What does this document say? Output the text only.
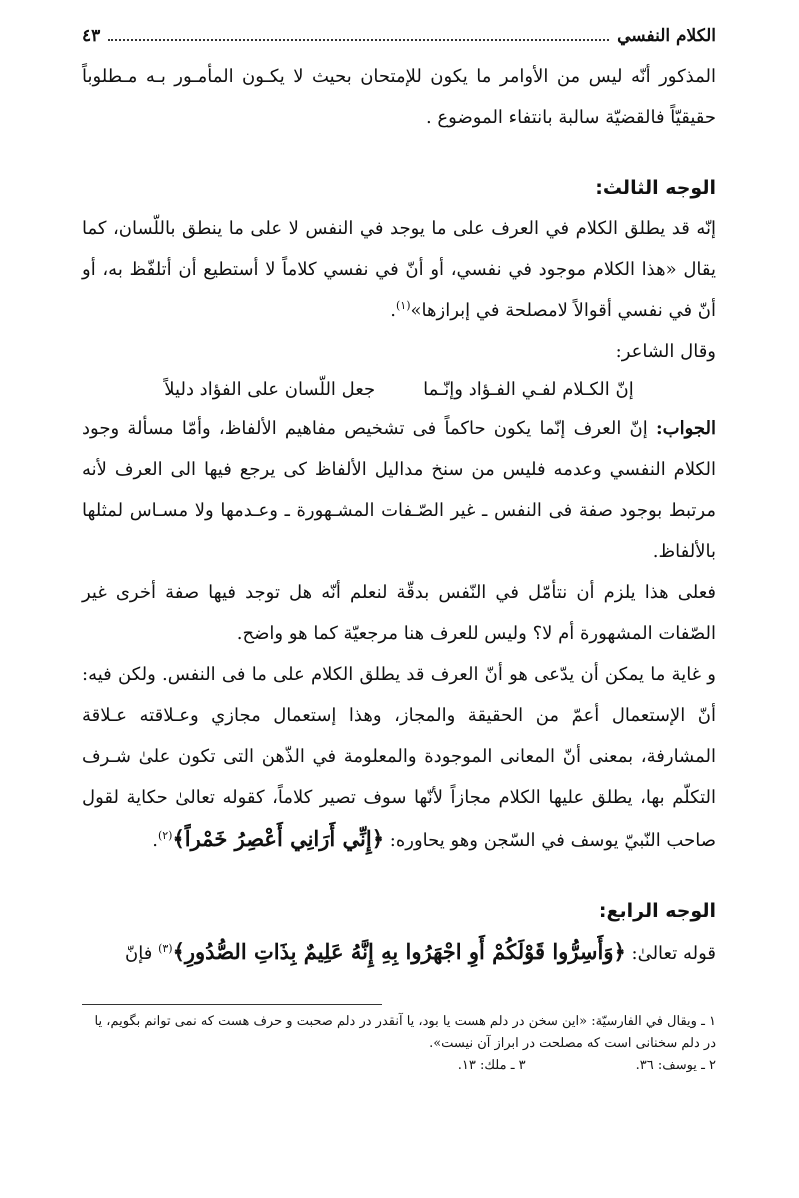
الكلام النفسي
٤٣

المذكور أنّه ليس من الأوامر ما يكون للإمتحان بحيث لا يكـون المأمـور بـه مـطلوباً حقيقيّاً فالقضيّة سالبة بانتفاء الموضوع .

الوجه الثالث:

إنّه قد يطلق الكلام في العرف على ما يوجد في النفس لا على ما ينطق باللّسان، كما يقال «هذا الكلام موجود في نفسي، أو أنّ في نفسي كلاماً لا أستطيع أن أتلفّظ به، أو أنّ في نفسي أقوالاً لامصلحة في إبرازها»$^{(١)}$.

وقال الشاعر:

إنّ الكـلام لفـي الفـؤاد وإنّـماجعل اللّسان على الفؤاد دليلاً

الجواب: إنّ العرف إنّما يكون حاكماً فى تشخيص مفاهيم الألفاظ، وأمّا مسألة وجود الكلام النفسي وعدمه فليس من سنخ مداليل الألفاظ كى يرجع فيها الى العرف لأنه مرتبط بوجود صفة فى النفس ـ غير الصّـفات المشـهورة ـ وعـدمها ولا مسـاس لمثلها بالألفاظ.

فعلى هذا يلزم أن نتأمّل في النّفس بدقّة لنعلم أنّه هل توجد فيها صفة أخرى غير الصّفات المشهورة أم لا؟ وليس للعرف هنا مرجعيّة كما هو واضح.

و غاية ما يمكن أن يدّعى هو أنّ العرف قد يطلق الكلام على ما فى النفس. ولكن فيه: أنّ الإستعمال أعمّ من الحقيقة والمجاز، وهذا إستعمال مجازي وعـلاقته عـلاقة المشارفة، بمعنى أنّ المعانى الموجودة والمعلومة في الذّهن التى تكون علىٰ شـرف التكلّم بها، يطلق عليها الكلام مجازاً لأنّها سوف تصير كلاماً، كقوله تعالىٰ حكاية لقول صاحب النّبيّ يوسف في السّجن وهو يحاوره: ﴿إِنِّي أَرَانِي أَعْصِرُ خَمْراً﴾$^{(٢)}$.

الوجه الرابع:

قوله تعالىٰ: ﴿وَأَسِرُّوا قَوْلَكُمْ أَوِ اجْهَرُوا بِهِ إِنَّهُ عَلِيمٌ بِذَاتِ الصُّدُورِ﴾$^{(٣)}$ فإنّ

١ ـ ويقال في الفارسيّة: «اين سخن در دلم هست يا بود، يا آنقدر در دلم صحبت و حرف هست كه نمى توانم بگويم، يا در دلم سخنانى است كه مصلحت در ابراز آن نيست».

٢ ـ يوسف: ٣٦.
٣ ـ ملك: ١٣.
